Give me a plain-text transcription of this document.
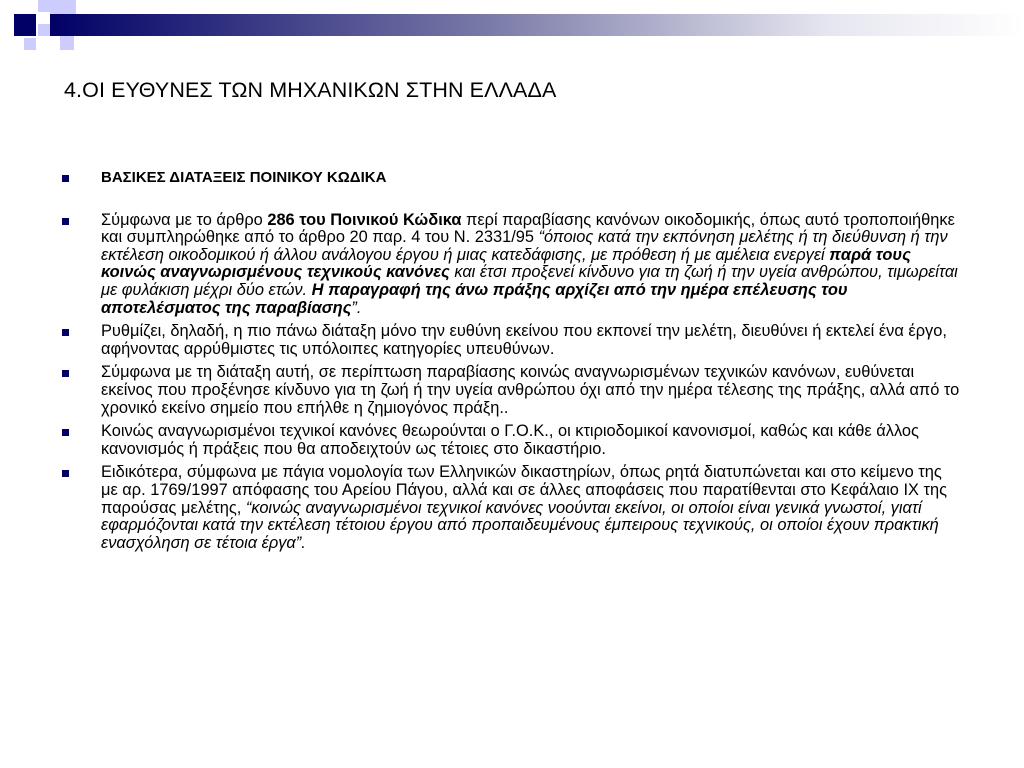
4.ΟΙ ΕΥΘΥΝΕΣ ΤΩΝ ΜΗΧΑΝΙΚΩΝ ΣΤΗΝ ΕΛΛΑΔΑ
ΒΑΣΙΚΕΣ ΔΙΑΤΑΞΕΙΣ ΠΟΙΝΙΚΟΥ ΚΩΔΙΚΑ
Σύμφωνα με το άρθρο 286 του Ποινικού Κώδικα περί παραβίασης κανόνων οικοδομικής, όπως αυτό τροποποιήθηκε και συμπληρώθηκε από το άρθρο 20 παρ. 4 του Ν. 2331/95 “όποιος κατά την εκπόνηση μελέτης ή τη διεύθυνση ή την εκτέλεση οικοδομικού ή άλλου ανάλογου έργου ή μιας κατεδάφισης, με πρόθεση ή με αμέλεια ενεργεί παρά τους κοινώς αναγνωρισμένους τεχνικούς κανόνες και έτσι προξενεί κίνδυνο για τη ζωή ή την υγεία ανθρώπου, τιμωρείται με φυλάκιση μέχρι δύο ετών. Η παραγραφή της άνω πράξης αρχίζει από την ημέρα επέλευσης του αποτελέσματος της παραβίασης”.
Ρυθμίζει, δηλαδή, η πιο πάνω διάταξη μόνο την ευθύνη εκείνου που εκπονεί την μελέτη, διευθύνει ή εκτελεί ένα έργο, αφήνοντας αρρύθμιστες τις υπόλοιπες κατηγορίες υπευθύνων.
Σύμφωνα με τη διάταξη αυτή, σε περίπτωση παραβίασης κοινώς αναγνωρισμένων τεχνικών κανόνων, ευθύνεται εκείνος που προξένησε κίνδυνο για τη ζωή ή την υγεία ανθρώπου όχι από την ημέρα τέλεσης της πράξης, αλλά από το χρονικό εκείνο σημείο που επήλθε η ζημιογόνος πράξη..
Κοινώς αναγνωρισμένοι τεχνικοί κανόνες θεωρούνται ο Γ.Ο.Κ., οι κτιριοδομικοί κανονισμοί, καθώς και κάθε άλλος κανονισμός ή πράξεις που θα αποδειχτούν ως τέτοιες στο δικαστήριο.
Ειδικότερα, σύμφωνα με πάγια νομολογία των Ελληνικών δικαστηρίων, όπως ρητά διατυπώνεται και στο κείμενο της με αρ. 1769/1997 απόφασης του Αρείου Πάγου, αλλά και σε άλλες αποφάσεις που παρατίθενται στο Κεφάλαιο ΙΧ της παρούσας μελέτης, “κοινώς αναγνωρισμένοι τεχνικοί κανόνες νοούνται εκείνοι, οι οποίοι είναι γενικά γνωστοί, γιατί εφαρμόζονται κατά την εκτέλεση τέτοιου έργου από προπαιδευμένους έμπειρους τεχνικούς, οι οποίοι έχουν πρακτική ενασχόληση σε τέτοια έργα”.
